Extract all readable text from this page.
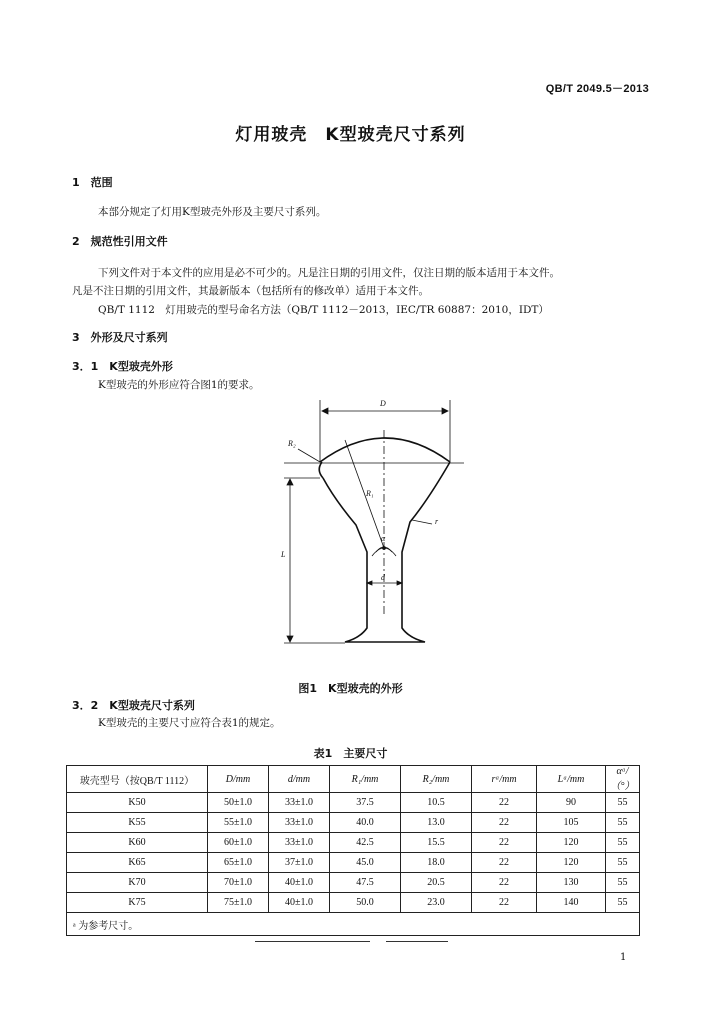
QB/T 2049.5－2013
灯用玻壳　K型玻壳尺寸系列
1　范围
本部分规定了灯用K型玻壳外形及主要尺寸系列。
2　规范性引用文件
下列文件对于本文件的应用是必不可少的。凡是注日期的引用文件，仅注日期的版本适用于本文件。
凡是不注日期的引用文件，其最新版本（包括所有的修改单）适用于本文件。
QB/T 1112　灯用玻壳的型号命名方法（QB/T 1112－2013，IEC/TR 60887：2010，IDT）
3　外形及尺寸系列
3．1　K型玻壳外形
K型玻壳的外形应符合图1的要求。
D
R₂
R₁
r
α
L
d
图1　K型玻壳的外形
3．2　K型玻壳尺寸系列
K型玻壳的主要尺寸应符合表1的规定。
表1　主要尺寸
玻壳型号（按QB/T 1112）	D/mm	d/mm	R₁/mm	R₂/mm	rᵃ/mm	Lᵃ/mm	αᵃ/（°）
K50	50±1.0	33±1.0	37.5	10.5	22	90	55
K55	55±1.0	33±1.0	40.0	13.0	22	105	55
K60	60±1.0	33±1.0	42.5	15.5	22	120	55
K65	65±1.0	37±1.0	45.0	18.0	22	120	55
K70	70±1.0	40±1.0	47.5	20.5	22	130	55
K75	75±1.0	40±1.0	50.0	23.0	22	140	55
ᵃ 为参考尺寸。							
1
